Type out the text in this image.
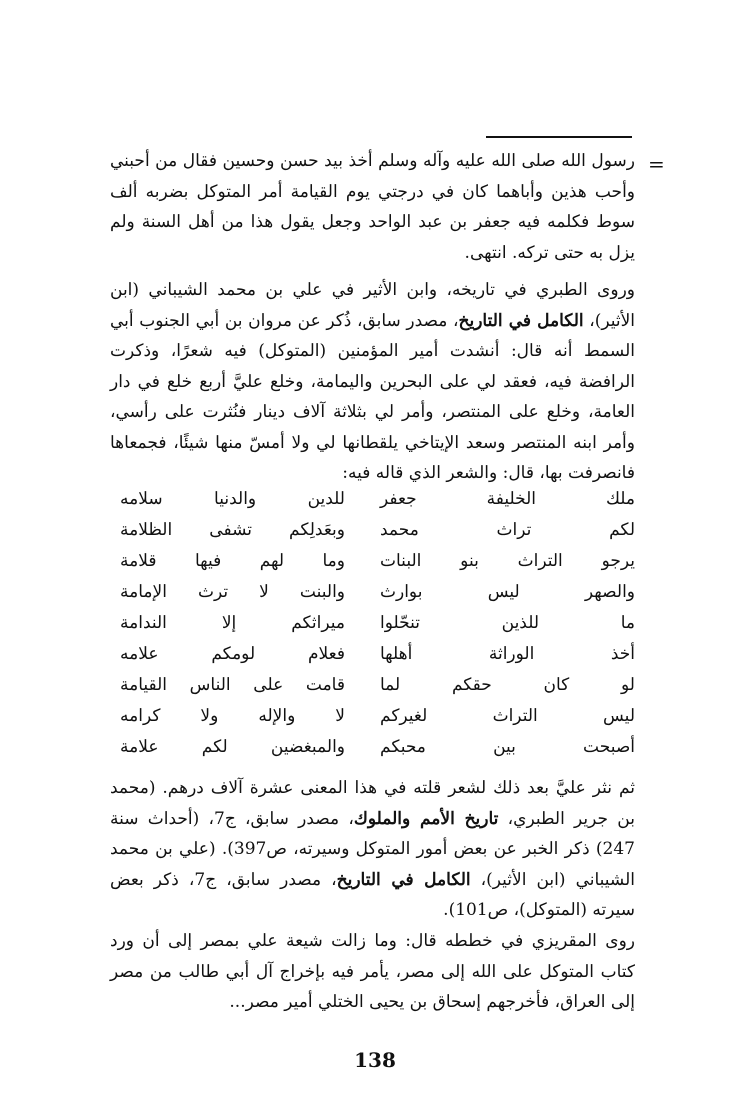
=
رسول الله صلى الله عليه وآله وسلم أخذ بيد حسن وحسين فقال من أحبني وأحب هذين وأباهما كان في درجتي يوم القيامة أمر المتوكل بضربه ألف سوط فكلمه فيه جعفر بن عبد الواحد وجعل يقول هذا من أهل السنة ولم يزل به حتى تركه. انتهى.
وروى الطبري في تاريخه، وابن الأثير في علي بن محمد الشيباني (ابن الأثير)، الكامل في التاريخ، مصدر سابق، ذُكر عن مروان بن أبي الجنوب أبي السمط أنه قال: أنشدت أمير المؤمنين (المتوكل) فيه شعرًا، وذكرت الرافضة فيه، فعقد لي على البحرين واليمامة، وخلع عليَّ أربع خلع في دار العامة، وخلع على المنتصر، وأمر لي بثلاثة آلاف دينار فنُثرت على رأسي، وأمر ابنه المنتصر وسعد الإيتاخي يلقطانها لي ولا أمسّ منها شيئًا، فجمعاها فانصرفت بها، قال: والشعر الذي قاله فيه:
ملك الخليفة جعفر
للدين والدنيا سلامه
لكم تراث محمد
وبعَدلِكم تشفى الظلامة
يرجو التراث بنو البنات
وما لهم فيها قلامة
والصهر ليس بوارث
والبنت لا ترث الإمامة
ما للذين تنحّلوا
ميراثكم إلا الندامة
أخذ الوراثة أهلها
فعلام لومكم علامه
لو كان حقكم لما
قامت على الناس القيامة
ليس التراث لغيركم
لا والإله ولا كرامه
أصبحت بين محبكم
والمبغضين لكم علامة
ثم نثر عليَّ بعد ذلك لشعر قلته في هذا المعنى عشرة آلاف درهم. (محمد بن جرير الطبري، تاريخ الأمم والملوك، مصدر سابق، ج7، (أحداث سنة 247) ذكر الخبر عن بعض أمور المتوكل وسيرته، ص397). (علي بن محمد الشيباني (ابن الأثير)، الكامل في التاريخ، مصدر سابق، ج7، ذكر بعض سيرته (المتوكل)، ص101).
روى المقريزي في خططه قال: وما زالت شيعة علي بمصر إلى أن ورد كتاب المتوكل على الله إلى مصر، يأمر فيه بإخراج آل أبي طالب من مصر إلى العراق، فأخرجهم إسحاق بن يحيى الختلي أمير مصر...
138
